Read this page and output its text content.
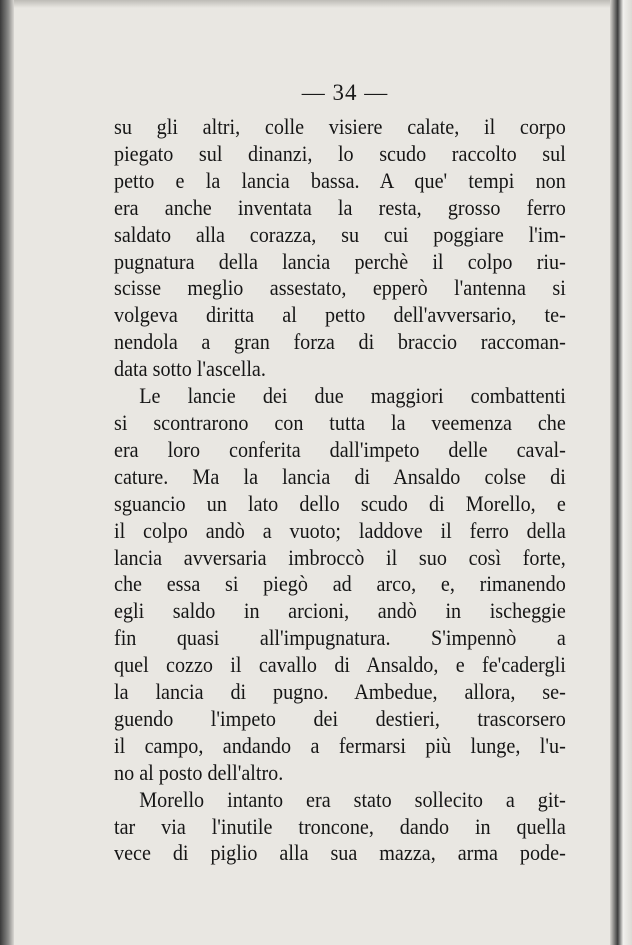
— 34 —
su gli altri, colle visiere calate, il corpo
piegato sul dinanzi, lo scudo raccolto sul
petto e la lancia bassa. A que' tempi non
era anche inventata la resta, grosso ferro
saldato alla corazza, su cui poggiare l'im-
pugnatura della lancia perchè il colpo riu-
scisse meglio assestato, epperò l'antenna si
volgeva diritta al petto dell'avversario, te-
nendola a gran forza di braccio raccoman-
data sotto l'ascella.
Le lancie dei due maggiori combattenti
si scontrarono con tutta la veemenza che
era loro conferita dall'impeto delle caval-
cature. Ma la lancia di Ansaldo colse di
sguancio un lato dello scudo di Morello, e
il colpo andò a vuoto; laddove il ferro della
lancia avversaria imbroccò il suo così forte,
che essa si piegò ad arco, e, rimanendo
egli saldo in arcioni, andò in ischeggie
fin quasi all'impugnatura. S'impennò a
quel cozzo il cavallo di Ansaldo, e fe'cadergli
la lancia di pugno. Ambedue, allora, se-
guendo l'impeto dei destieri, trascorsero
il campo, andando a fermarsi più lunge, l'u-
no al posto dell'altro.
Morello intanto era stato sollecito a git-
tar via l'inutile troncone, dando in quella
vece di piglio alla sua mazza, arma pode-
